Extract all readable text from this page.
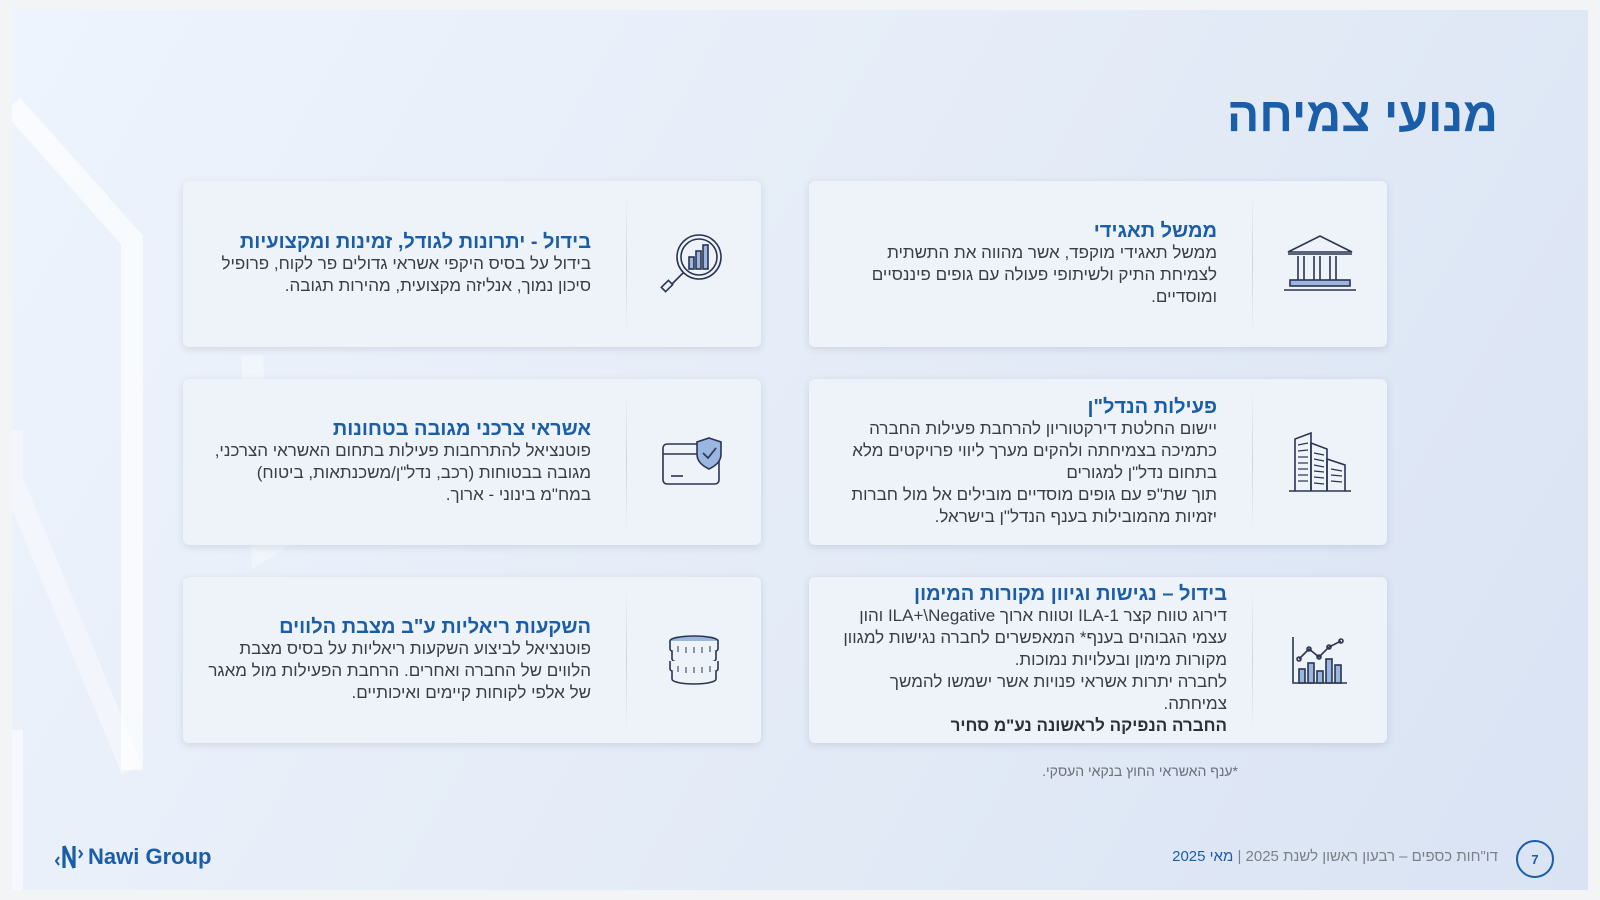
מנועי צמיחה
ממשל תאגידי

ממשל תאגידי מוקפד, אשר מהווה את התשתית לצמיחת התיק ולשיתופי פעולה עם גופים פיננסיים ומוסדיים.

בידול - יתרונות לגודל, זמינות ומקצועיות

בידול על בסיס היקפי אשראי גדולים פר לקוח, פרופיל סיכון נמוך, אנליזה מקצועית, מהירות תגובה.

פעילות הנדל"ן

יישום החלטת דירקטוריון להרחבת פעילות החברה כתמיכה בצמיחתה ולהקים מערך ליווי פרויקטים מלא בתחום נדל"ן למגורים

תוך שת"פ עם גופים מוסדיים מובילים אל מול חברות יזמיות מהמובילות בענף הנדל"ן בישראל.

אשראי צרכני מגובה בטחונות

פוטנציאל להתרחבות פעילות בתחום האשראי הצרכני, מגובה בבטוחות (רכב, נדל"ן/משכנתאות, ביטוח) במח"מ בינוני - ארוך.

בידול – נגישות וגיוון מקורות המימון

דירוג טווח קצר ILA-1 וטווח ארוך ILA+\Negative והון עצמי הגבוהים בענף* המאפשרים לחברה נגישות למגוון מקורות מימון ובעלויות נמוכות.

לחברה יתרות אשראי פנויות אשר ישמשו להמשך צמיחתה.

החברה הנפיקה לראשונה נע"מ סחיר

השקעות ריאליות ע"ב מצבת הלווים

פוטנציאל לביצוע השקעות ריאליות על בסיס מצבת הלווים של החברה ואחרים. הרחבת הפעילות מול מאגר של אלפי לקוחות קיימים ואיכותיים.

*ענף האשראי החוץ בנקאי העסקי.
7
דו"חות כספים – רבעון ראשון לשנת 2025 | מאי 2025
Nawi Group
